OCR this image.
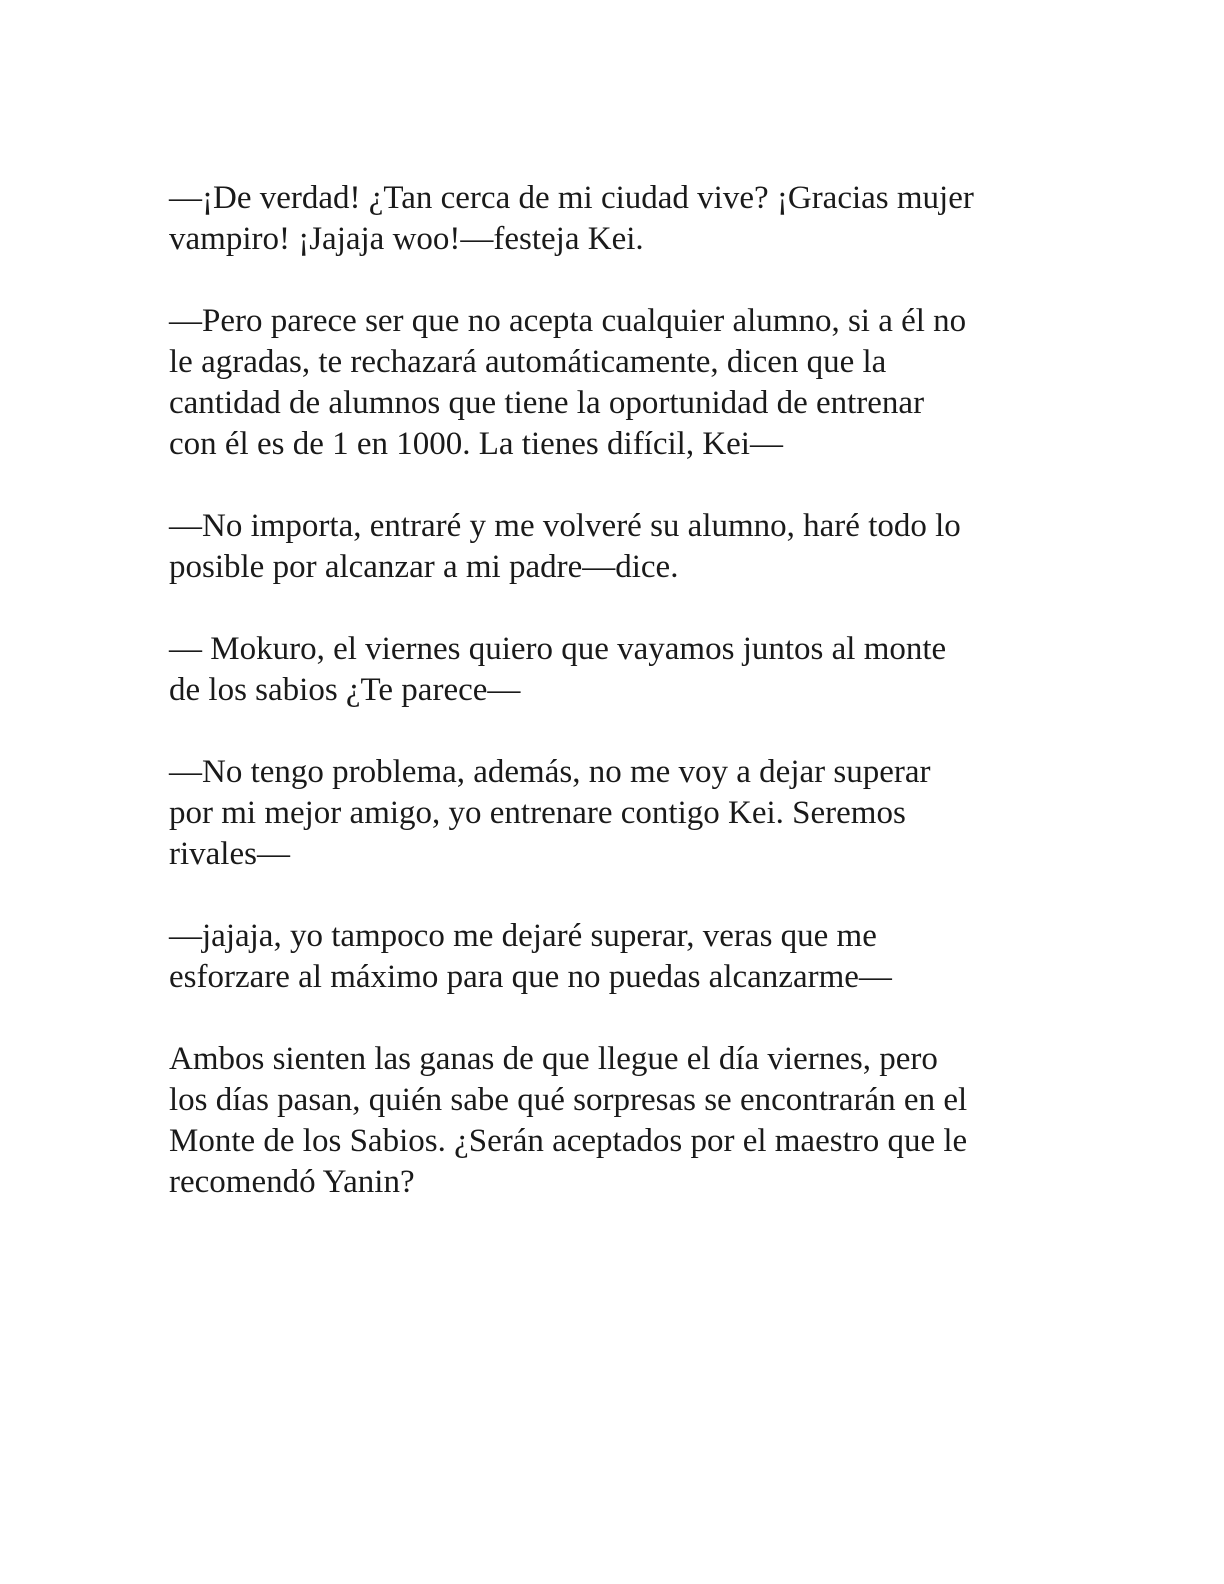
—¡De verdad! ¿Tan cerca de mi ciudad vive? ¡Gracias mujer
vampiro! ¡Jajaja woo!—festeja Kei.
—Pero parece ser que no acepta cualquier alumno, si a él no
le agradas, te rechazará automáticamente, dicen que la
cantidad de alumnos que tiene la oportunidad de entrenar
con él es de 1 en 1000. La tienes difícil, Kei—
—No importa, entraré y me volveré su alumno, haré todo lo
posible por alcanzar a mi padre—dice.
— Mokuro, el viernes quiero que vayamos juntos al monte
de los sabios ¿Te parece—
—No tengo problema, además, no me voy a dejar superar
por mi mejor amigo, yo entrenare contigo Kei. Seremos
rivales—
—jajaja, yo tampoco me dejaré superar, veras que me
esforzare al máximo para que no puedas alcanzarme—
Ambos sienten las ganas de que llegue el día viernes, pero
los días pasan, quién sabe qué sorpresas se encontrarán en el
Monte de los Sabios. ¿Serán aceptados por el maestro que le
recomendó Yanin?
